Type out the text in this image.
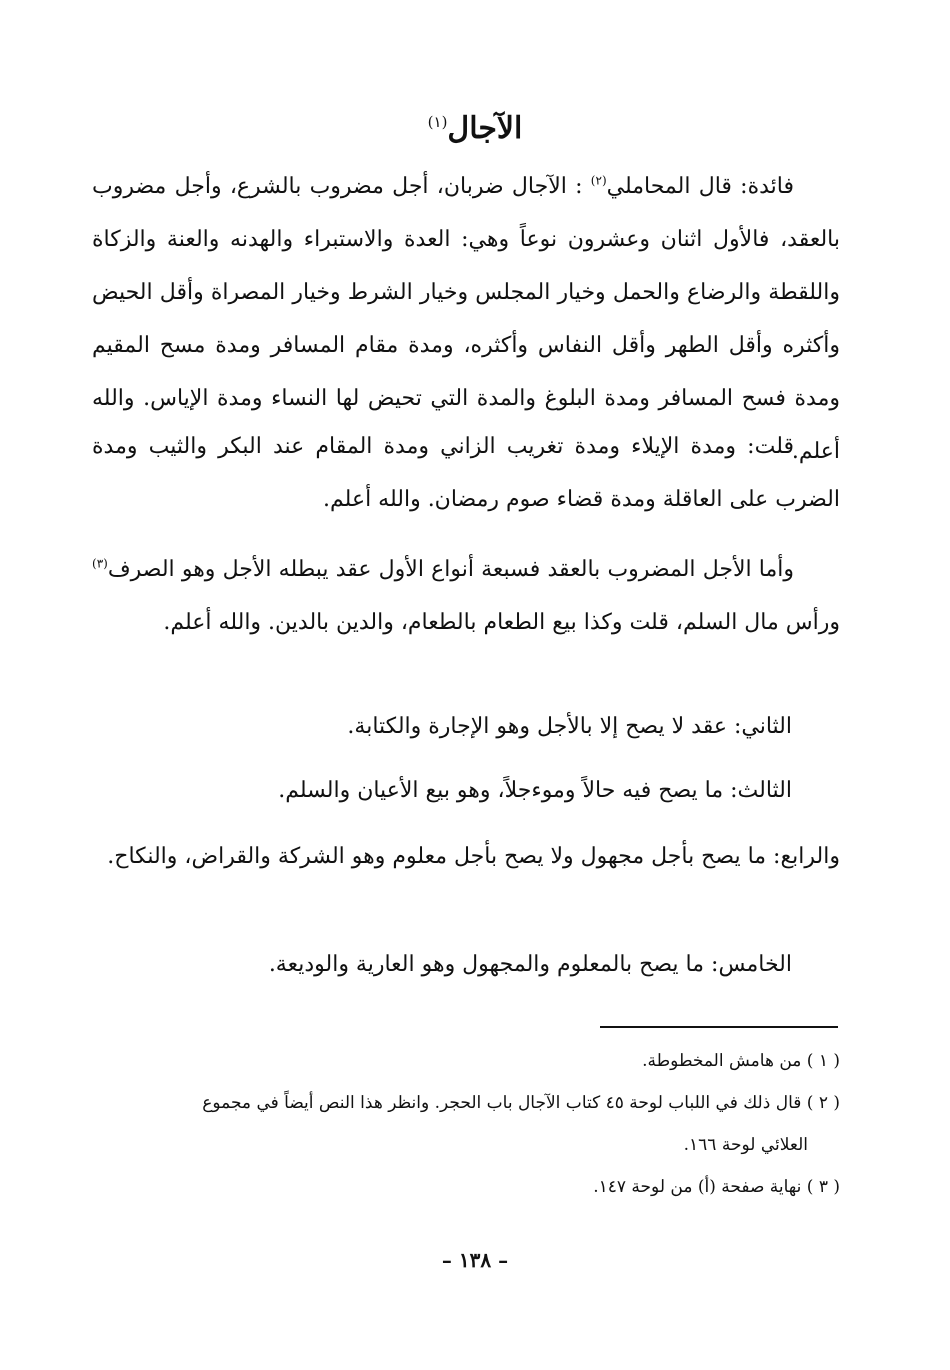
الآجال$^{(١)}$
فائدة: قال المحاملي$^{(٢)}$ : الآجال ضربان، أجل مضروب بالشرع، وأجل مضروب بالعقد، فالأول اثنان وعشرون نوعاً وهي: العدة والاستبراء والهدنه والعنة والزكاة واللقطة والرضاع والحمل وخيار المجلس وخيار الشرط وخيار المصراة وأقل الحيض وأكثره وأقل الطهر وأقل النفاس وأكثره، ومدة مقام المسافر ومدة مسح المقيم ومدة فسح المسافر ومدة البلوغ والمدة التي تحيض لها النساء ومدة الإياس. والله أعلم.
قلت: ومدة الإيلاء ومدة تغريب الزاني ومدة المقام عند البكر والثيب ومدة الضرب على العاقلة ومدة قضاء صوم رمضان. والله أعلم.
وأما الأجل المضروب بالعقد فسبعة أنواع الأول عقد يبطله الأجل وهو الصرف$^{(٣)}$ ورأس مال السلم، قلت وكذا بيع الطعام بالطعام، والدين بالدين. والله أعلم.
الثاني: عقد لا يصح إلا بالأجل وهو الإجارة والكتابة.
الثالث: ما يصح فيه حالاً وموءجلاً، وهو بيع الأعيان والسلم.
والرابع: ما يصح بأجل مجهول ولا يصح بأجل معلوم وهو الشركة والقراض، والنكاح.
الخامس: ما يصح بالمعلوم والمجهول وهو العارية والوديعة.

( ١ ) من هامش المخطوطة.

( ٢ ) قال ذلك في اللباب لوحة ٤٥ كتاب الآجال باب الحجر. وانظر هذا النص أيضاً في مجموع
العلائي لوحة ١٦٦.

( ٣ ) نهاية صفحة (أ) من لوحة ١٤٧.

– ١٣٨ –
